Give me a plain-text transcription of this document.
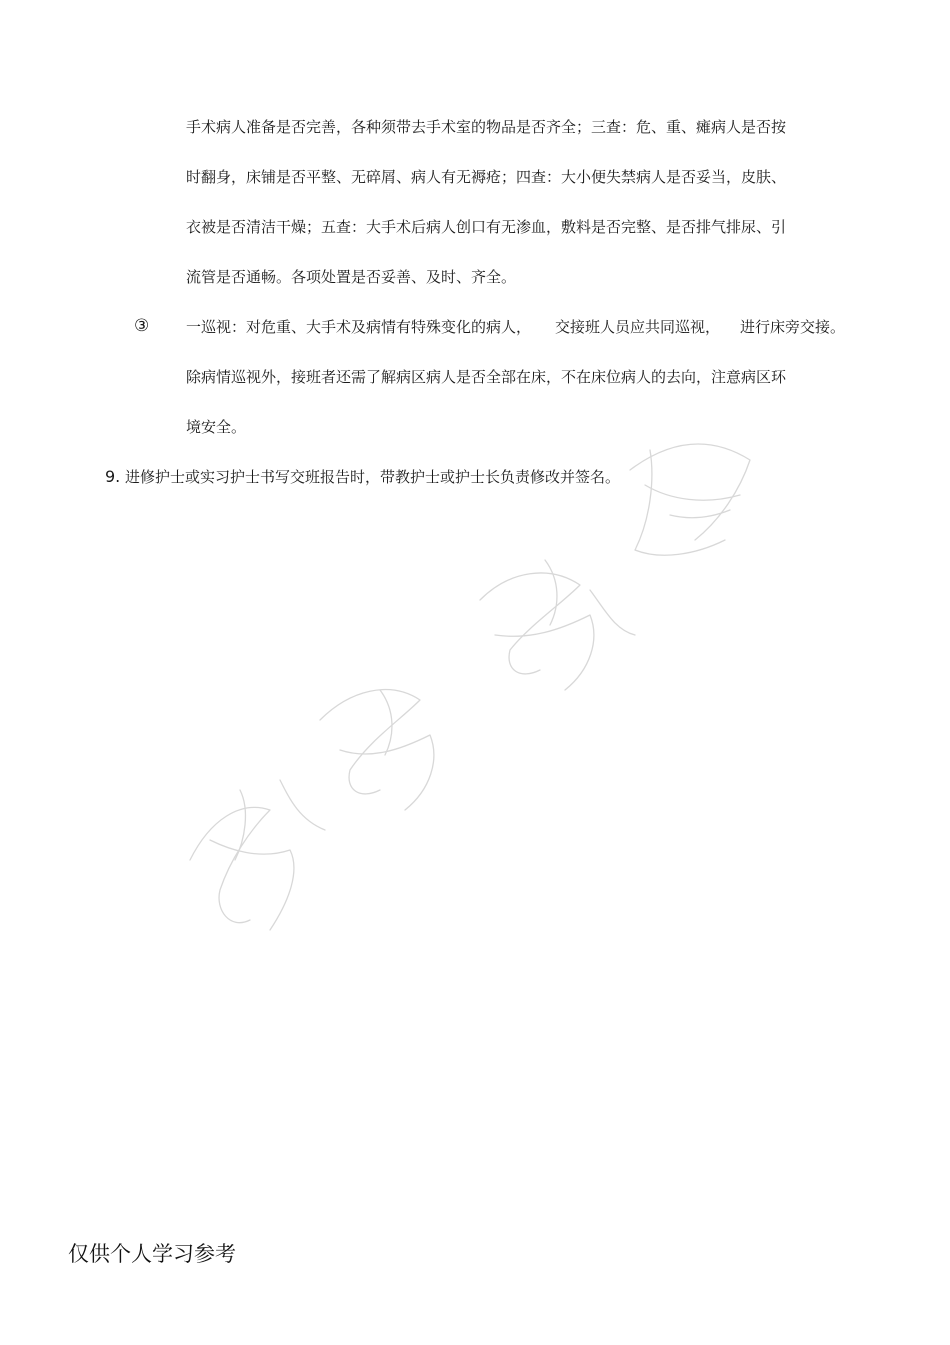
手术病人准备是否完善，各种须带去手术室的物品是否齐全；三查：危、重、瘫病人是否按
时翻身，床铺是否平整、无碎屑、病人有无褥疮；四查：大小便失禁病人是否妥当，皮肤、
衣被是否清洁干燥；五查：大手术后病人创口有无渗血，敷料是否完整、是否排气排尿、引
流管是否通畅。各项处置是否妥善、及时、齐全。
③ 一巡视：对危重、大手术及病情有特殊变化的病人， 交接班人员应共同巡视， 进行床旁交接。
除病情巡视外，接班者还需了解病区病人是否全部在床，不在床位病人的去向，注意病区环
境安全。
9. 进修护士或实习护士书写交班报告时，带教护士或护士长负责修改并签名。
仅供个人学习参考
